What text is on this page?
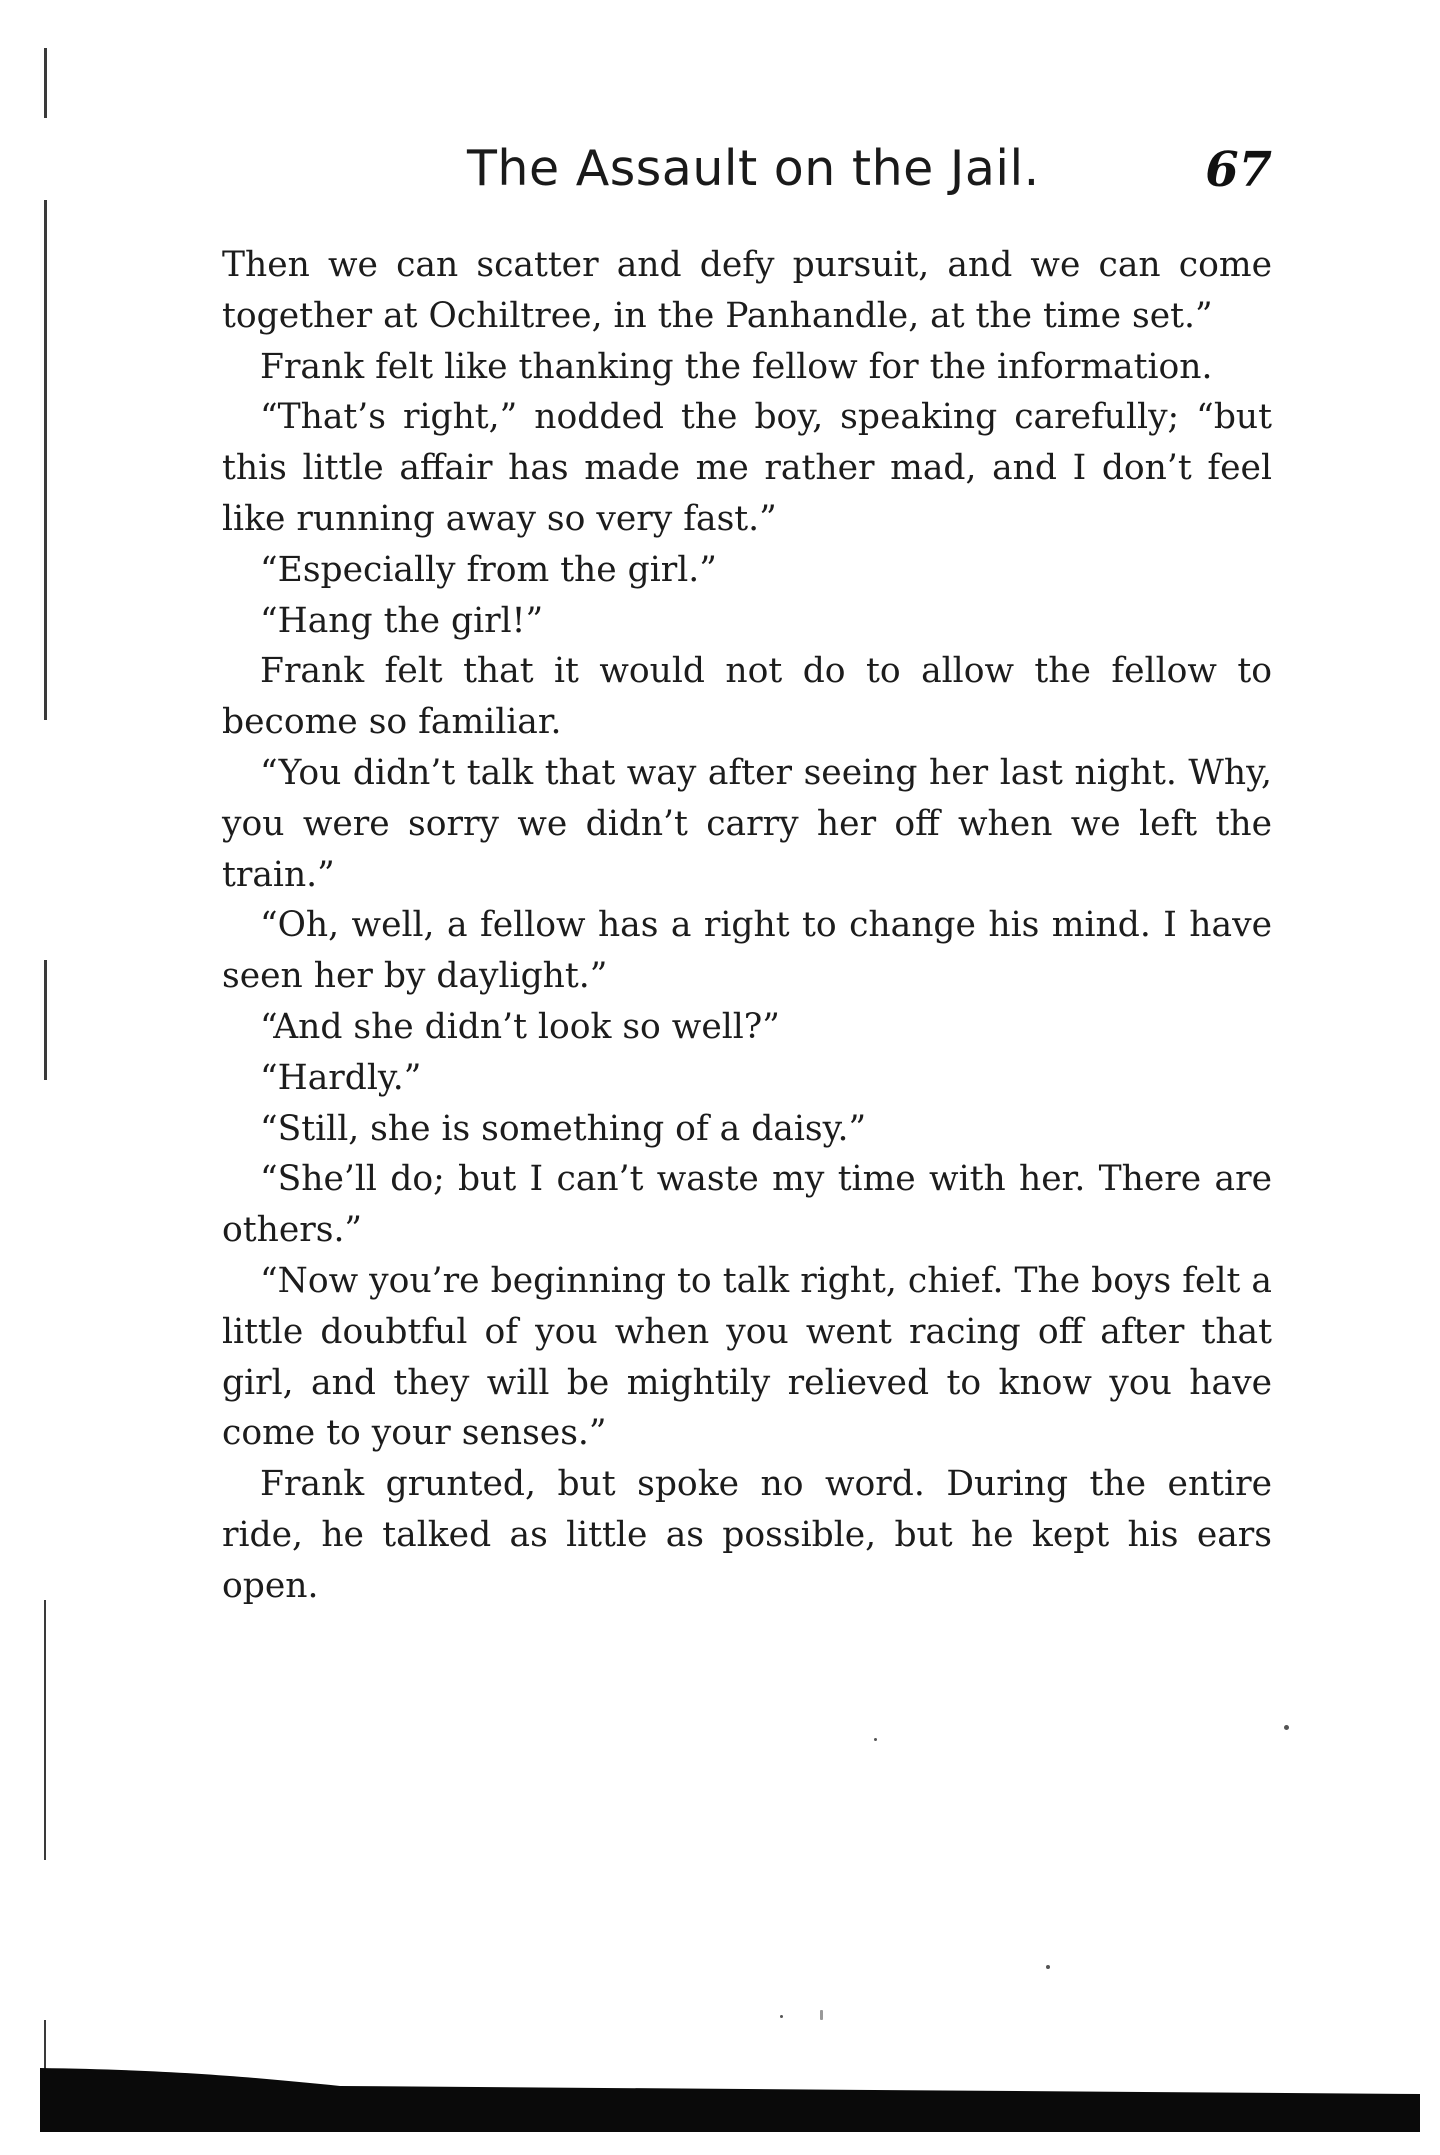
The Assault on the Jail.	67

Then we can scatter and defy pursuit, and we can come together at Ochiltree, in the Panhandle, at the time set.”

Frank felt like thanking the fellow for the information.

“That’s right,” nodded the boy, speaking carefully; “but this little affair has made me rather mad, and I don’t feel like running away so very fast.”

“Especially from the girl.”

“Hang the girl!”

Frank felt that it would not do to allow the fellow to become so familiar.

“You didn’t talk that way after seeing her last night. Why, you were sorry we didn’t carry her off when we left the train.”

“Oh, well, a fellow has a right to change his mind. I have seen her by daylight.”

“And she didn’t look so well?”

“Hardly.”

“Still, she is something of a daisy.”

“She’ll do; but I can’t waste my time with her. There are others.”

“Now you’re beginning to talk right, chief. The boys felt a little doubtful of you when you went racing off after that girl, and they will be mightily relieved to know you have come to your senses.”

Frank grunted, but spoke no word. During the entire ride, he talked as little as possible, but he kept his ears open.
